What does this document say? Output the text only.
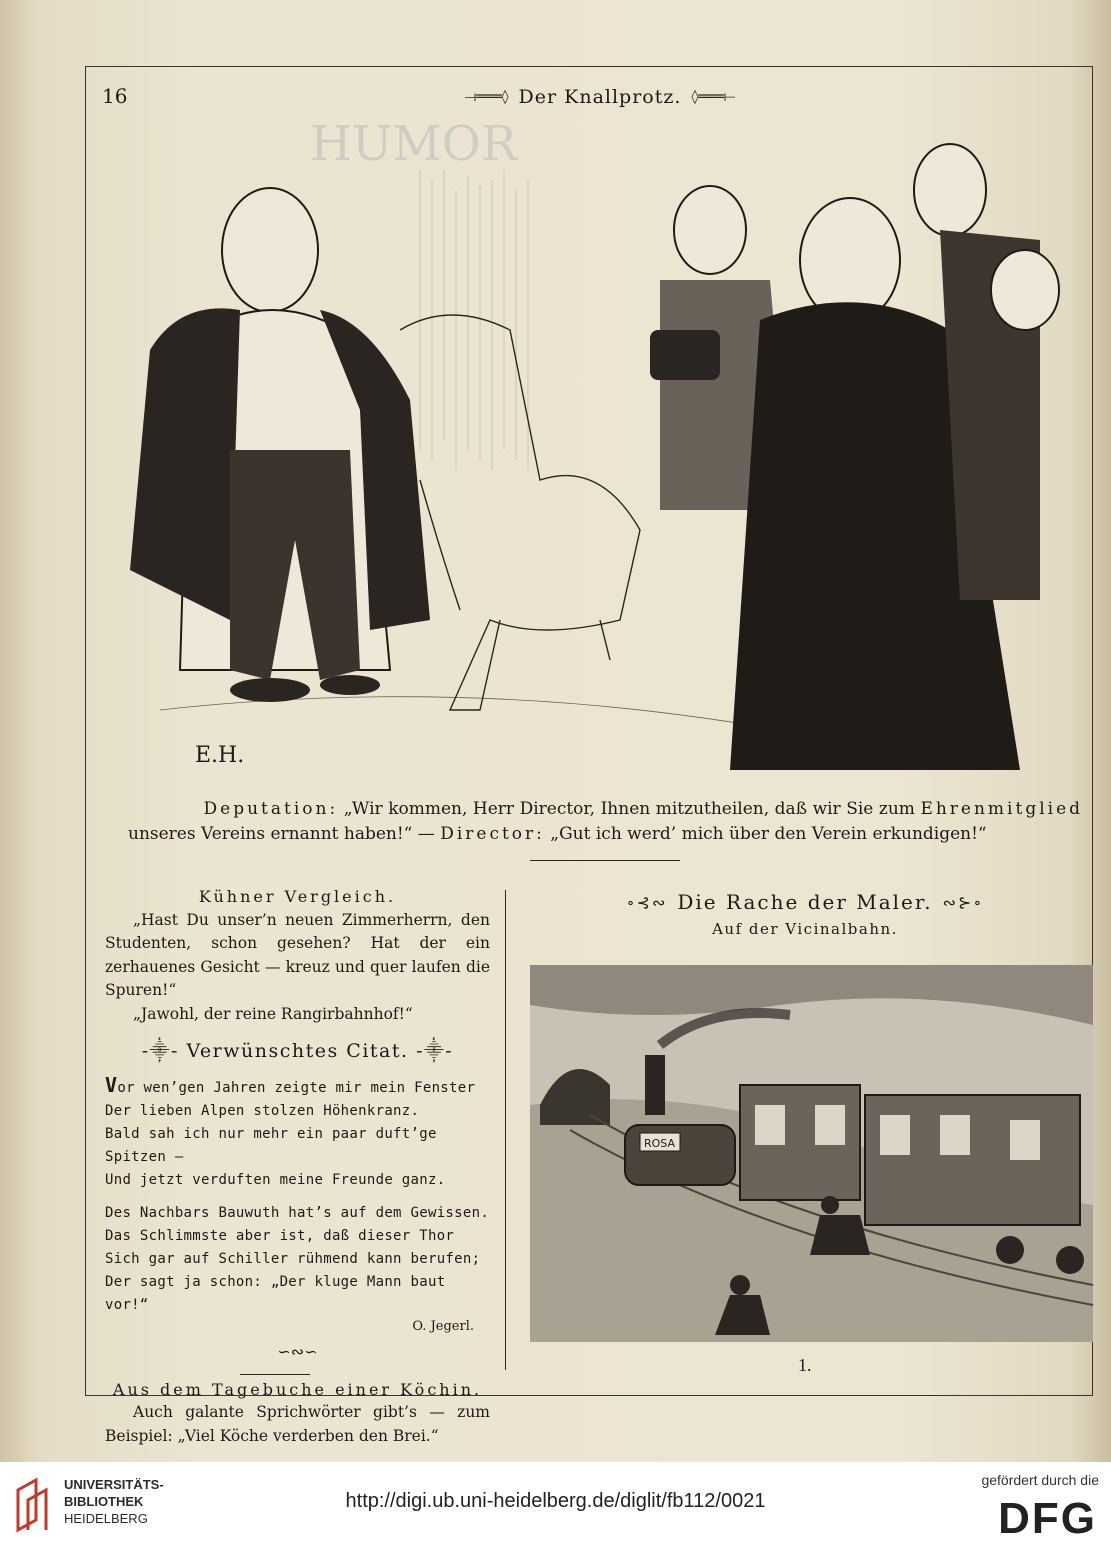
16	⟞═══◊ Der Knallprotz. ◊═══⟝
HUMOR
E.H.
Deputation: „Wir kommen, Herr Director, Ihnen mitzutheilen, daß wir Sie zum Ehrenmitglied unseres Vereins ernannt haben!“ — Director: „Gut ich werd’ mich über den Verein erkundigen!“
Kühner Vergleich.
„Hast Du unser’n neuen Zimmerherrn, den Studenten, schon gesehen? Hat der ein zerhauenes Gesicht — kreuz und quer laufen die Spuren!“
„Jawohl, der reine Rangirbahnhof!“
-⸎- Verwünschtes Citat. -⸎-
Vor wen’gen Jahren zeigte mir mein Fenster
Der lieben Alpen stolzen Höhenkranz.
Bald sah ich nur mehr ein paar duft’ge Spitzen —
Und jetzt verduften meine Freunde ganz.
Des Nachbars Bauwuth hat’s auf dem Gewissen.
Das Schlimmste aber ist, daß dieser Thor
Sich gar auf Schiller rühmend kann berufen;
Der sagt ja schon: „Der kluge Mann baut vor!“
O. Jegerl.
∽∾∽
Aus dem Tagebuche einer Köchin.
Auch galante Sprichwörter gibt’s — zum Beispiel: „Viel Köche verderben den Brei.“
∘⊰∾ Die Rache der Maler. ∾⊱∘
Auf der Vicinalbahn.
ROSA
1.
UNIVERSITÄTS-
BIBLIOTHEK
HEIDELBERG
http://digi.ub.uni-heidelberg.de/diglit/fb112/0021
gefördert durch die
DFG
